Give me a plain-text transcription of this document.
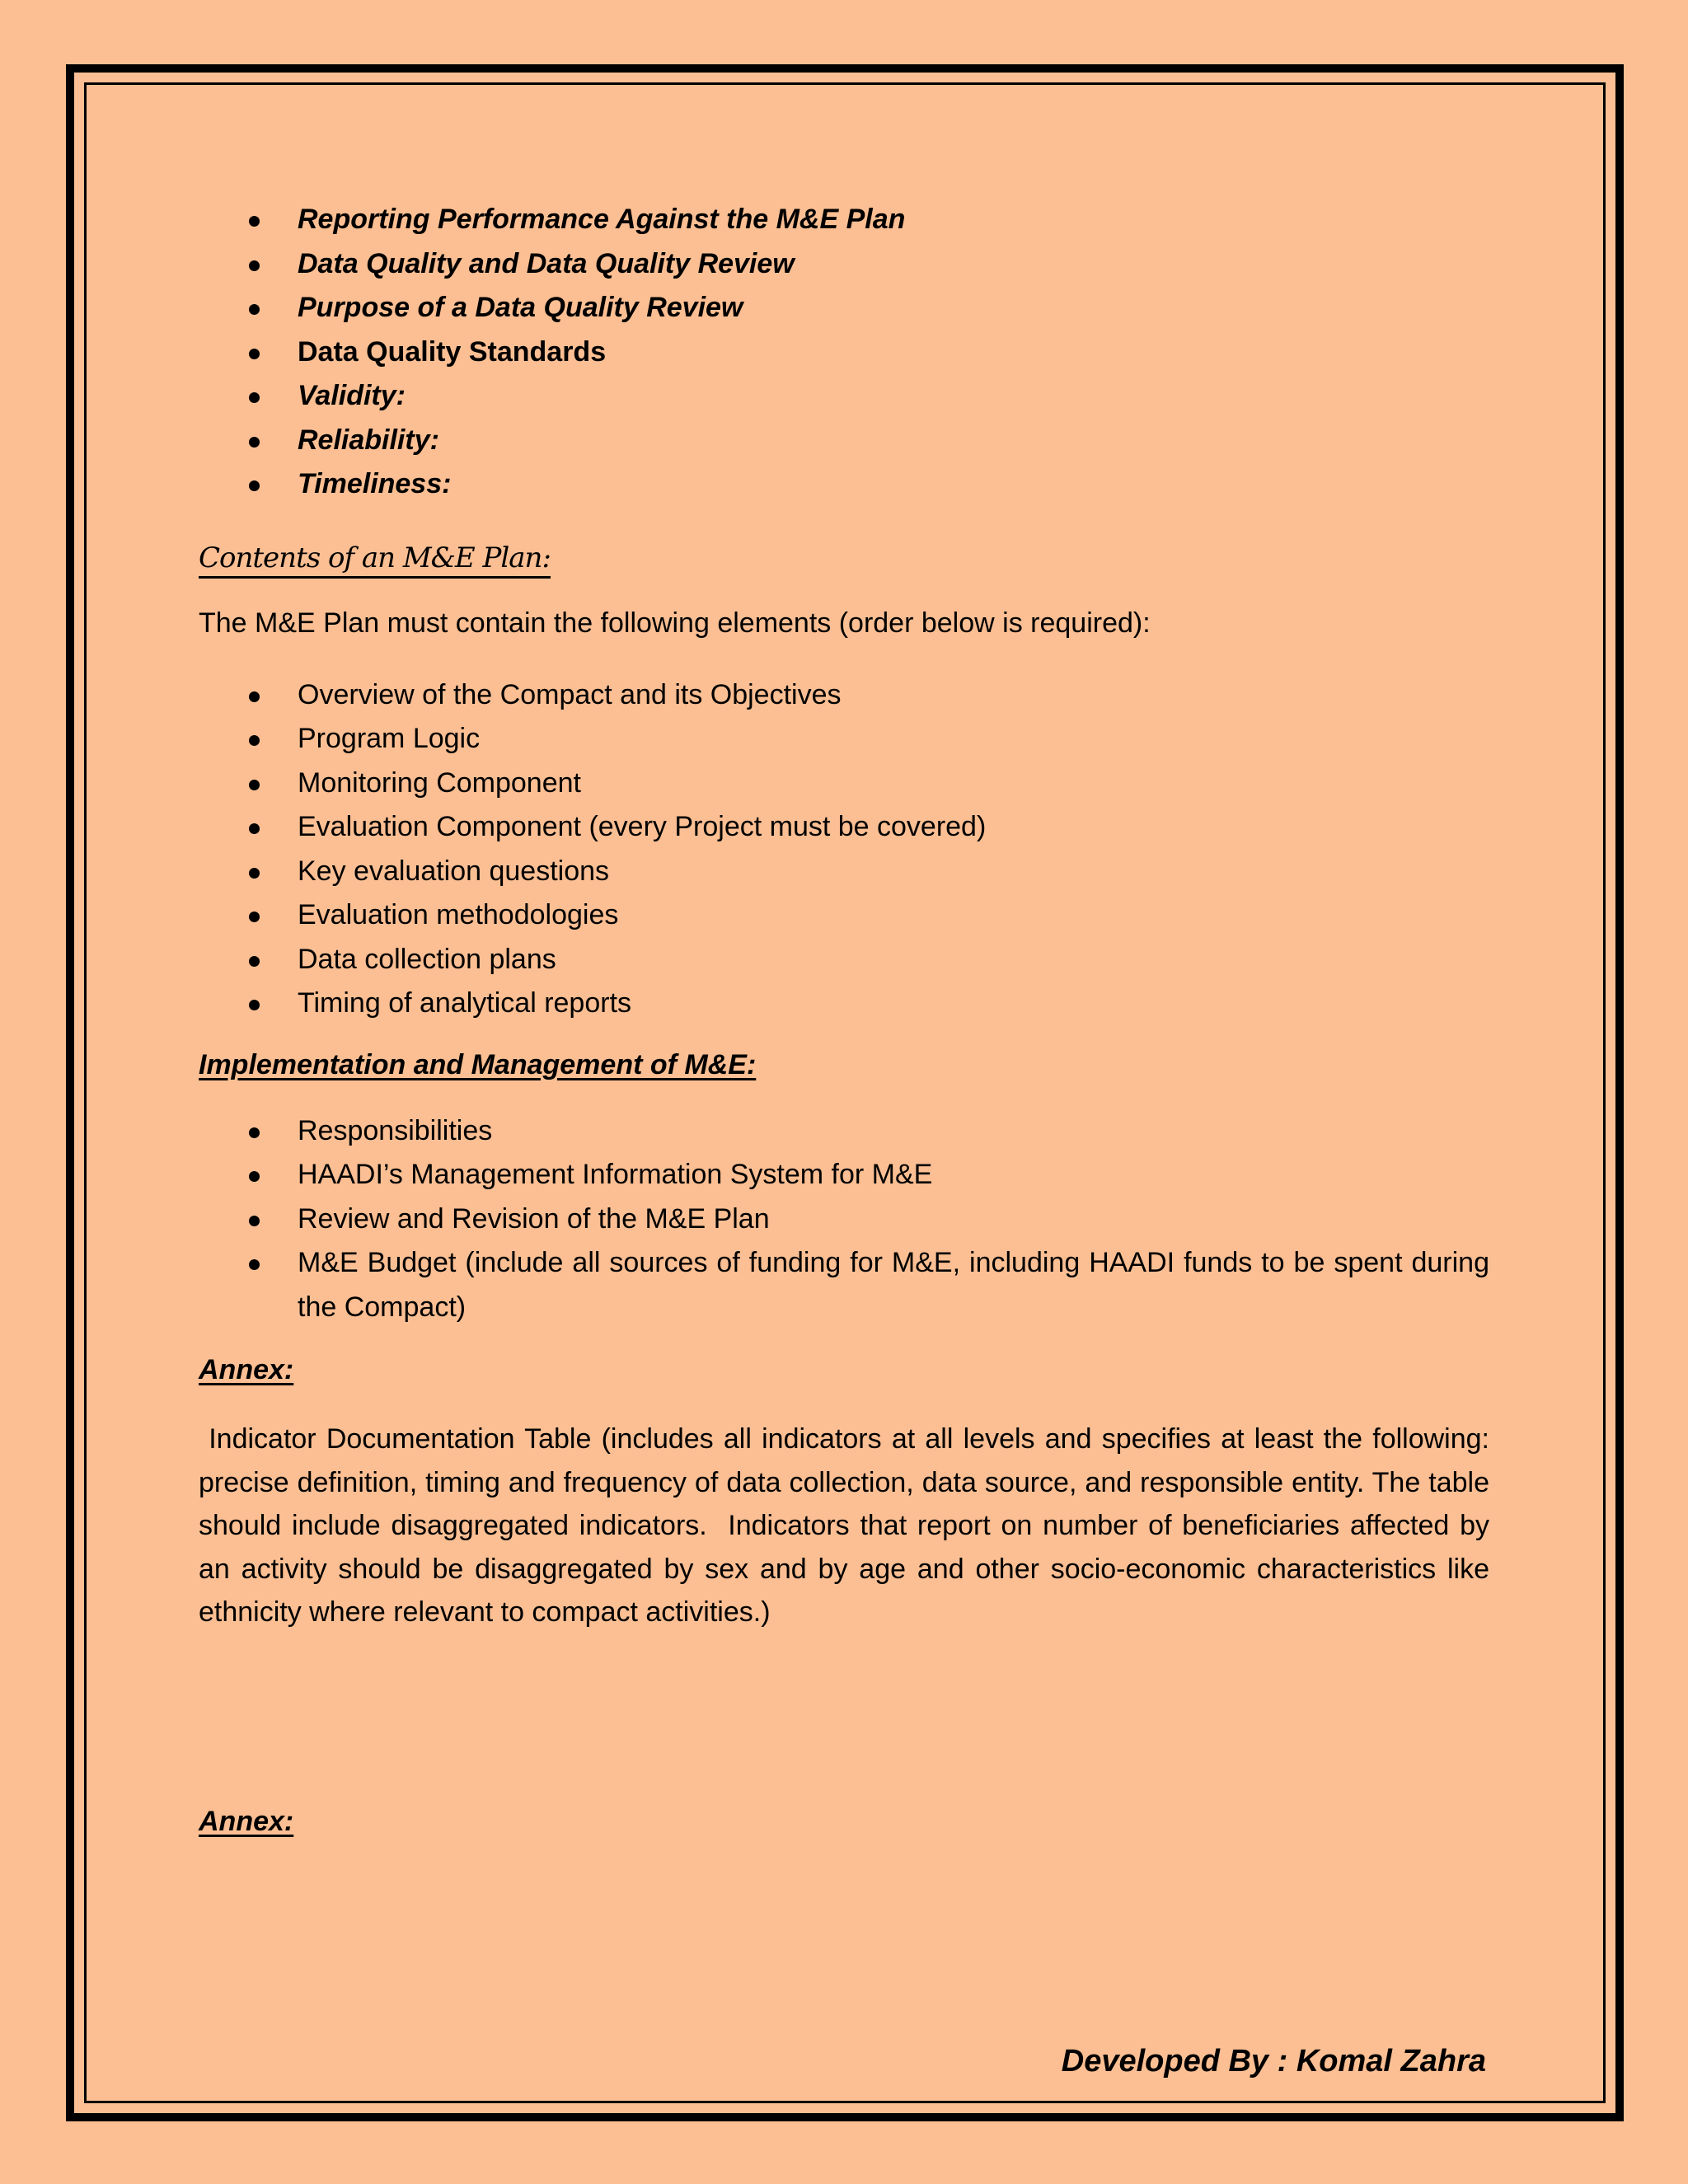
Reporting Performance Against the M&E Plan
Data Quality and Data Quality Review
Purpose of a Data Quality Review
Data Quality Standards
Validity:
Reliability:
Timeliness:
Contents of an M&E Plan:
The M&E Plan must contain the following elements (order below is required):
Overview of the Compact and its Objectives
Program Logic
Monitoring Component
Evaluation Component (every Project must be covered)
Key evaluation questions
Evaluation methodologies
Data collection plans
Timing of analytical reports
Implementation and Management of M&E:
Responsibilities
HAADI’s Management Information System for M&E
Review and Revision of the M&E Plan
M&E Budget (include all sources of funding for M&E, including HAADI funds to be spent during the Compact)
Annex:
Indicator Documentation Table (includes all indicators at all levels and specifies at least the following: precise definition, timing and frequency of data collection, data source, and responsible entity. The table should include disaggregated indicators.  Indicators that report on number of beneficiaries affected by an activity should be disaggregated by sex and by age and other socio-economic characteristics like ethnicity where relevant to compact activities.)
Annex:
Developed By : Komal Zahra
